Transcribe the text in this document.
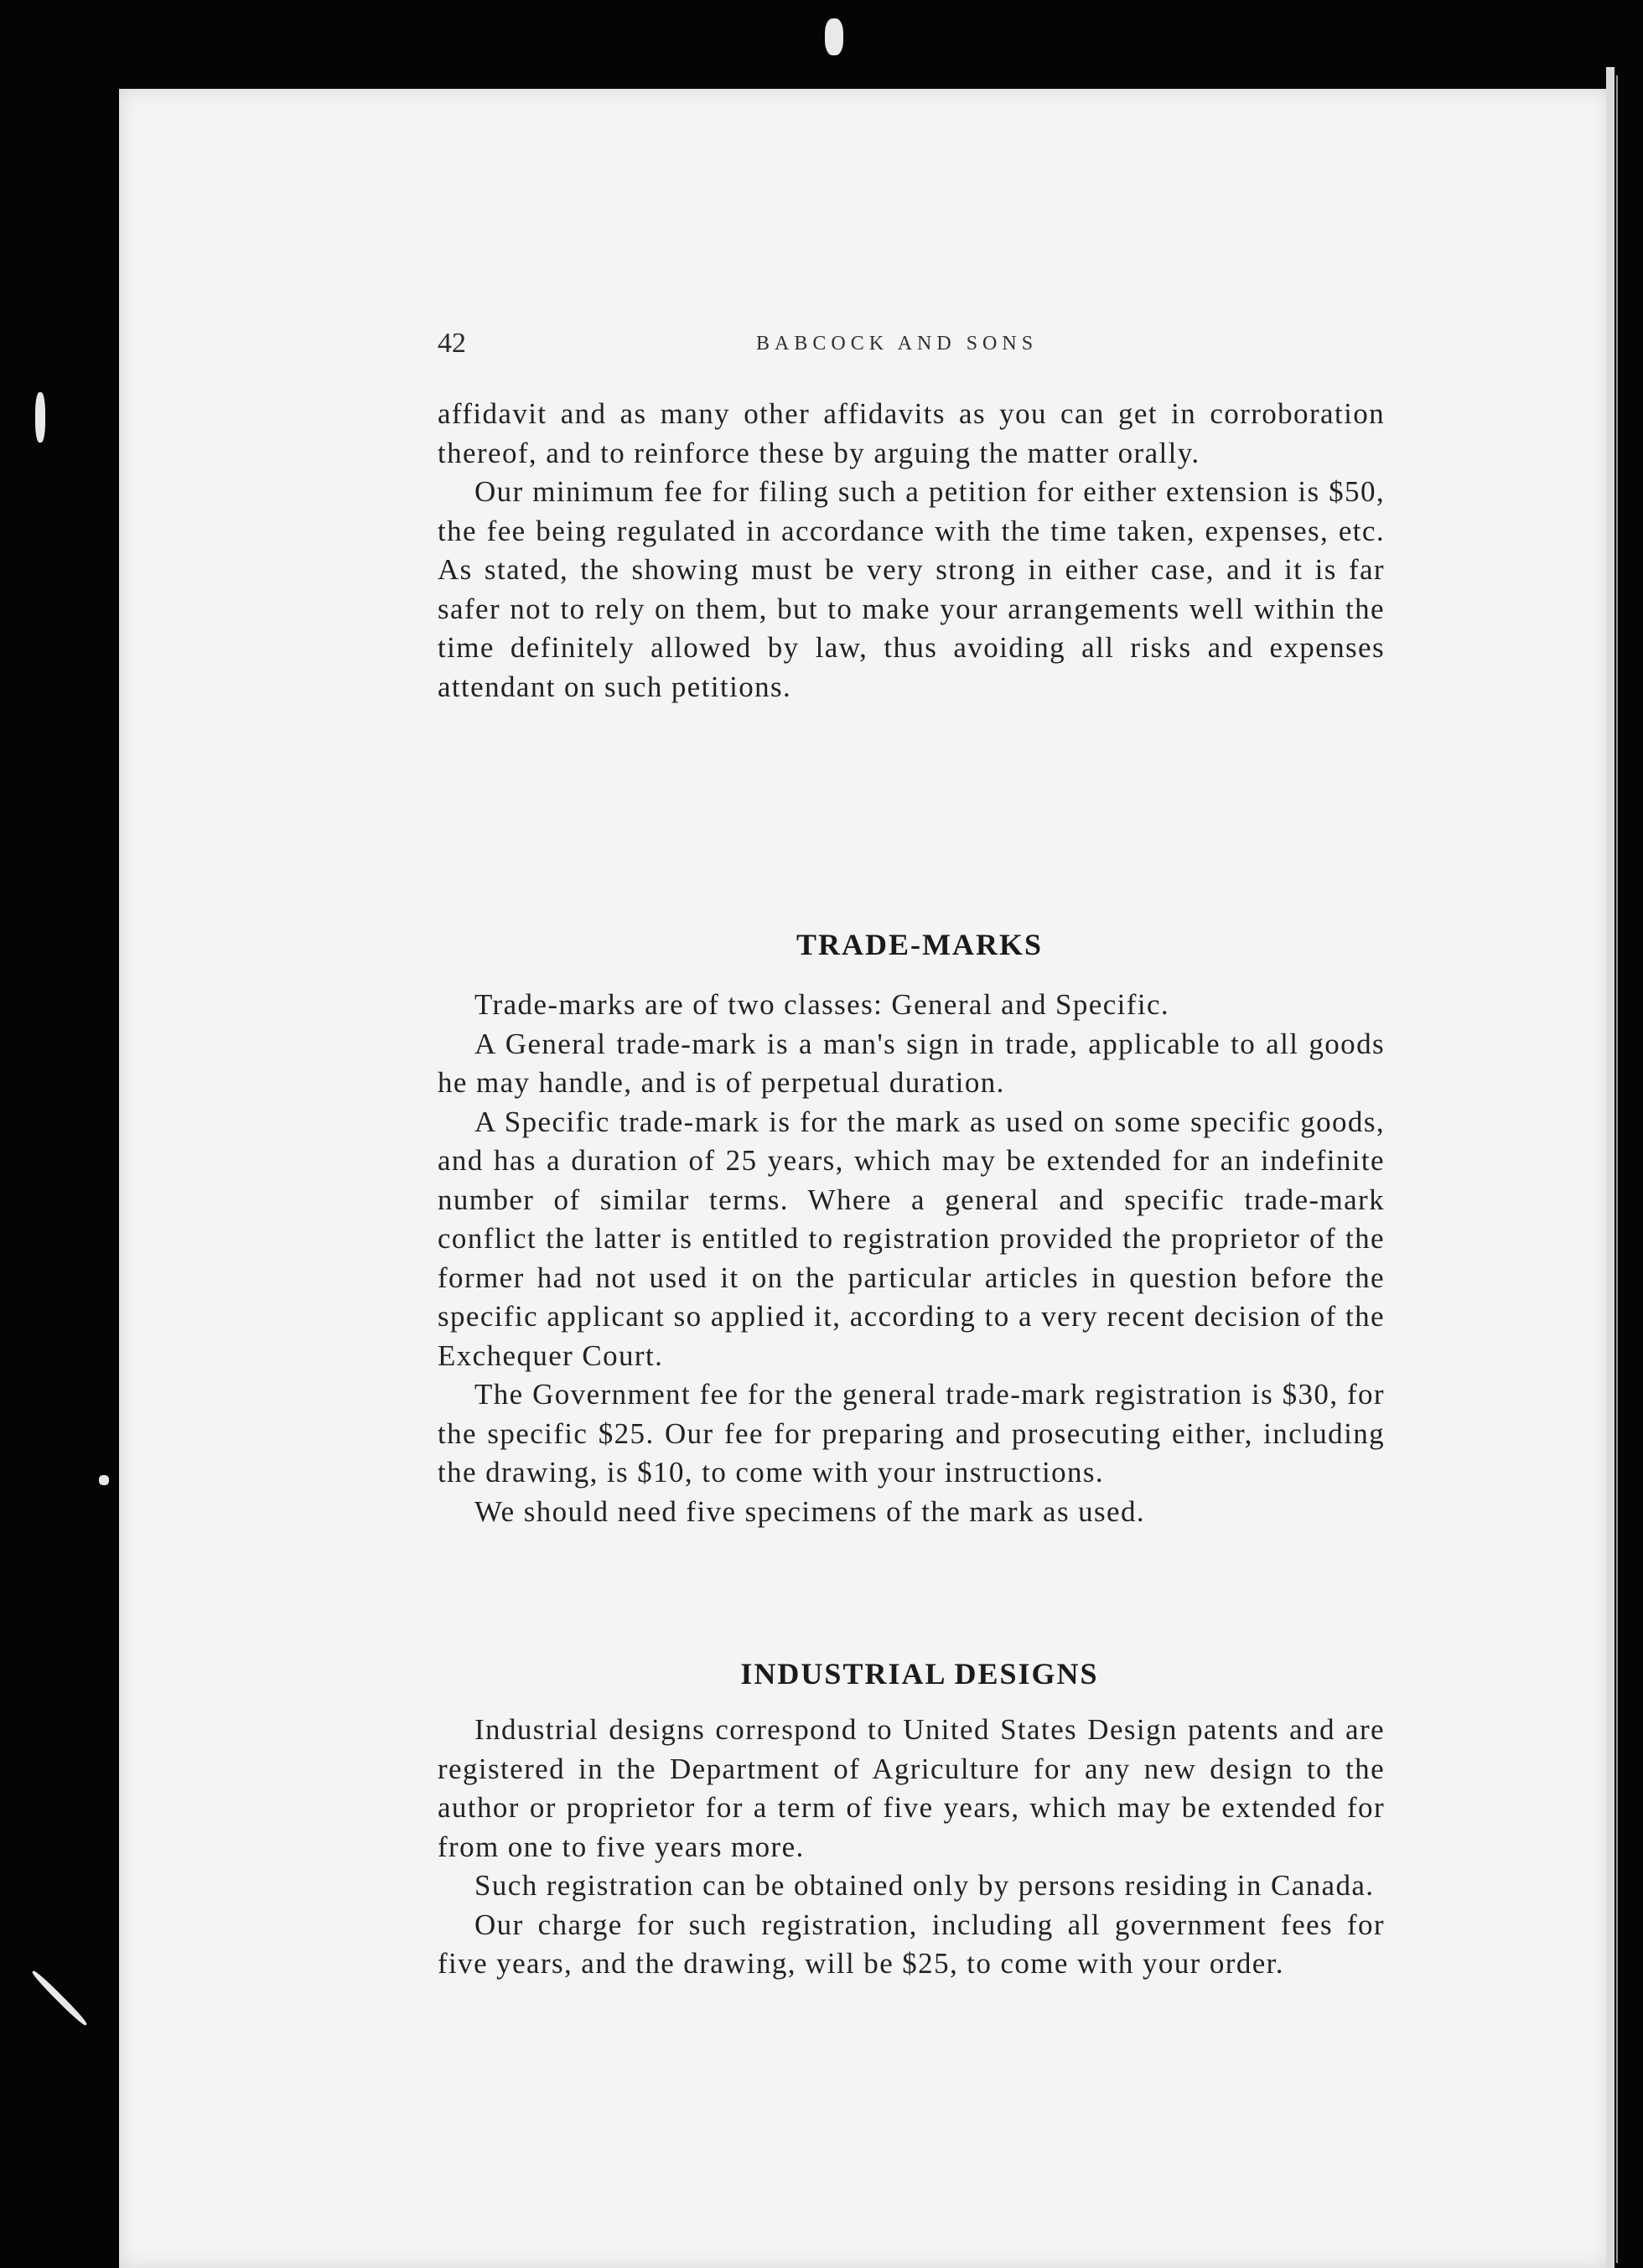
42	BABCOCK AND SONS

affidavit and as many other affidavits as you can get in corroboration thereof, and to reinforce these by arguing the matter orally.

Our minimum fee for filing such a petition for either extension is $50, the fee being regulated in accordance with the time taken, expenses, etc. As stated, the showing must be very strong in either case, and it is far safer not to rely on them, but to make your arrangements well within the time definitely allowed by law, thus avoiding all risks and expenses attendant on such petitions.

TRADE-MARKS

Trade-marks are of two classes: General and Specific.

A General trade-mark is a man's sign in trade, applicable to all goods he may handle, and is of perpetual duration.

A Specific trade-mark is for the mark as used on some specific goods, and has a duration of 25 years, which may be extended for an indefinite number of similar terms. Where a general and specific trade-mark conflict the latter is entitled to registration provided the proprietor of the former had not used it on the particular articles in question before the specific applicant so applied it, according to a very recent decision of the Exchequer Court.

The Government fee for the general trade-mark registration is $30, for the specific $25. Our fee for preparing and prosecuting either, including the drawing, is $10, to come with your instructions.

We should need five specimens of the mark as used.

INDUSTRIAL DESIGNS

Industrial designs correspond to United States Design patents and are registered in the Department of Agriculture for any new design to the author or proprietor for a term of five years, which may be extended for from one to five years more.

Such registration can be obtained only by persons residing in Canada.

Our charge for such registration, including all government fees for five years, and the drawing, will be $25, to come with your order.
